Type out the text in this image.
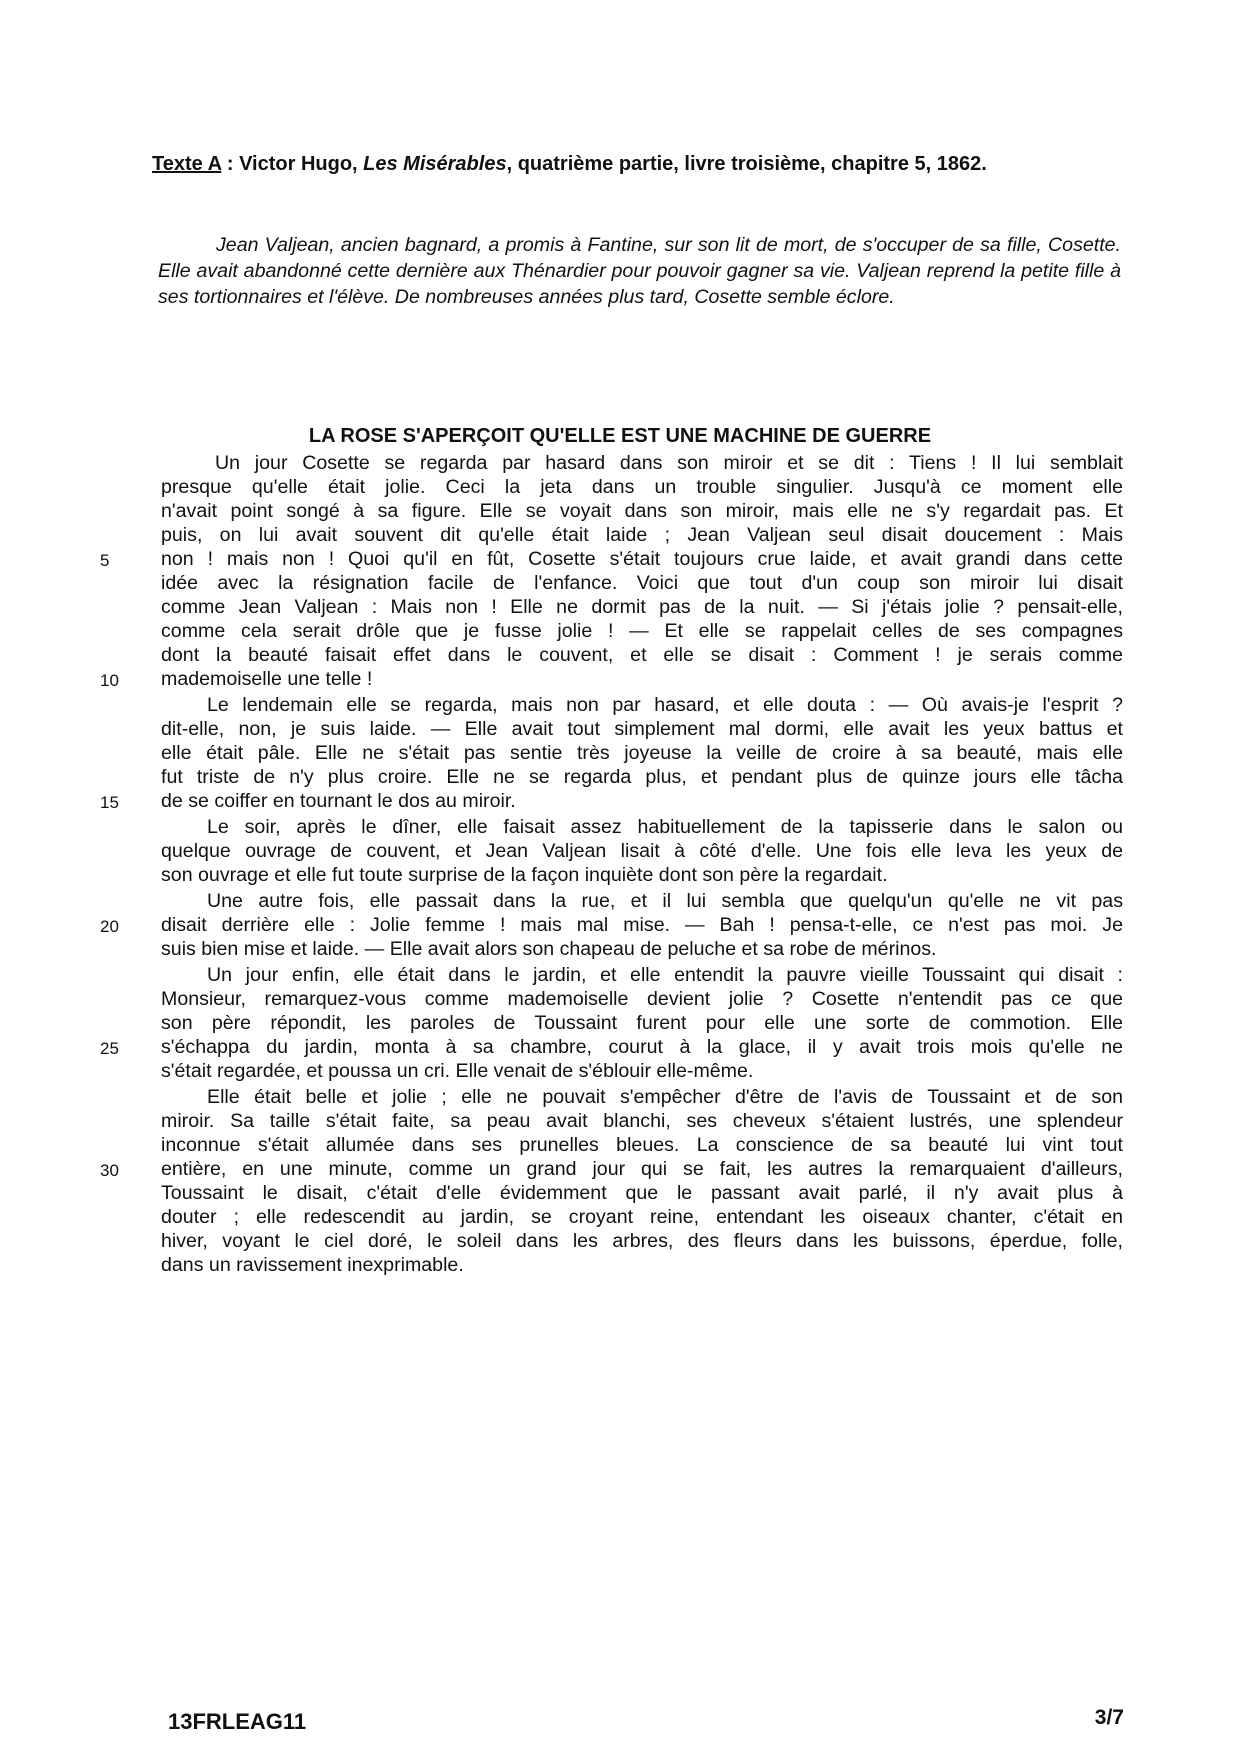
Texte A : Victor Hugo, Les Misérables, quatrième partie, livre troisième, chapitre 5, 1862.
Jean Valjean, ancien bagnard, a promis à Fantine, sur son lit de mort, de s'occuper de sa fille, Cosette. Elle avait abandonné cette dernière aux Thénardier pour pouvoir gagner sa vie. Valjean reprend la petite fille à ses tortionnaires et l'élève. De nombreuses années plus tard, Cosette semble éclore.
LA ROSE S'APERÇOIT QU'ELLE EST UNE MACHINE DE GUERRE
Un jour Cosette se regarda par hasard dans son miroir et se dit : Tiens ! Il lui semblait
presque qu'elle était jolie. Ceci la jeta dans un trouble singulier. Jusqu'à ce moment elle
n'avait point songé à sa figure. Elle se voyait dans son miroir, mais elle ne s'y regardait pas. Et
puis, on lui avait souvent dit qu'elle était laide ; Jean Valjean seul disait doucement : Mais
non ! mais non ! Quoi qu'il en fût, Cosette s'était toujours crue laide, et avait grandi dans cette
idée avec la résignation facile de l'enfance. Voici que tout d'un coup son miroir lui disait
comme Jean Valjean : Mais non ! Elle ne dormit pas de la nuit. — Si j'étais jolie ? pensait-elle,
comme cela serait drôle que je fusse jolie ! — Et elle se rappelait celles de ses compagnes
dont la beauté faisait effet dans le couvent, et elle se disait : Comment ! je serais comme
mademoiselle une telle !
Le lendemain elle se regarda, mais non par hasard, et elle douta : — Où avais-je l'esprit ?
dit-elle, non, je suis laide. — Elle avait tout simplement mal dormi, elle avait les yeux battus et
elle était pâle. Elle ne s'était pas sentie très joyeuse la veille de croire à sa beauté, mais elle
fut triste de n'y plus croire. Elle ne se regarda plus, et pendant plus de quinze jours elle tâcha
de se coiffer en tournant le dos au miroir.
Le soir, après le dîner, elle faisait assez habituellement de la tapisserie dans le salon ou
quelque ouvrage de couvent, et Jean Valjean lisait à côté d'elle. Une fois elle leva les yeux de
son ouvrage et elle fut toute surprise de la façon inquiète dont son père la regardait.
Une autre fois, elle passait dans la rue, et il lui sembla que quelqu'un qu'elle ne vit pas
disait derrière elle : Jolie femme ! mais mal mise. — Bah ! pensa-t-elle, ce n'est pas moi. Je
suis bien mise et laide. — Elle avait alors son chapeau de peluche et sa robe de mérinos.
Un jour enfin, elle était dans le jardin, et elle entendit la pauvre vieille Toussaint qui disait :
Monsieur, remarquez-vous comme mademoiselle devient jolie ? Cosette n'entendit pas ce que
son père répondit, les paroles de Toussaint furent pour elle une sorte de commotion. Elle
s'échappa du jardin, monta à sa chambre, courut à la glace, il y avait trois mois qu'elle ne
s'était regardée, et poussa un cri. Elle venait de s'éblouir elle-même.
Elle était belle et jolie ; elle ne pouvait s'empêcher d'être de l'avis de Toussaint et de son
miroir. Sa taille s'était faite, sa peau avait blanchi, ses cheveux s'étaient lustrés, une splendeur
inconnue s'était allumée dans ses prunelles bleues. La conscience de sa beauté lui vint tout
entière, en une minute, comme un grand jour qui se fait, les autres la remarquaient d'ailleurs,
Toussaint le disait, c'était d'elle évidemment que le passant avait parlé, il n'y avait plus à
douter ; elle redescendit au jardin, se croyant reine, entendant les oiseaux chanter, c'était en
hiver, voyant le ciel doré, le soleil dans les arbres, des fleurs dans les buissons, éperdue, folle,
dans un ravissement inexprimable.
5
10
15
20
25
30
13FRLEAG11	3/7
